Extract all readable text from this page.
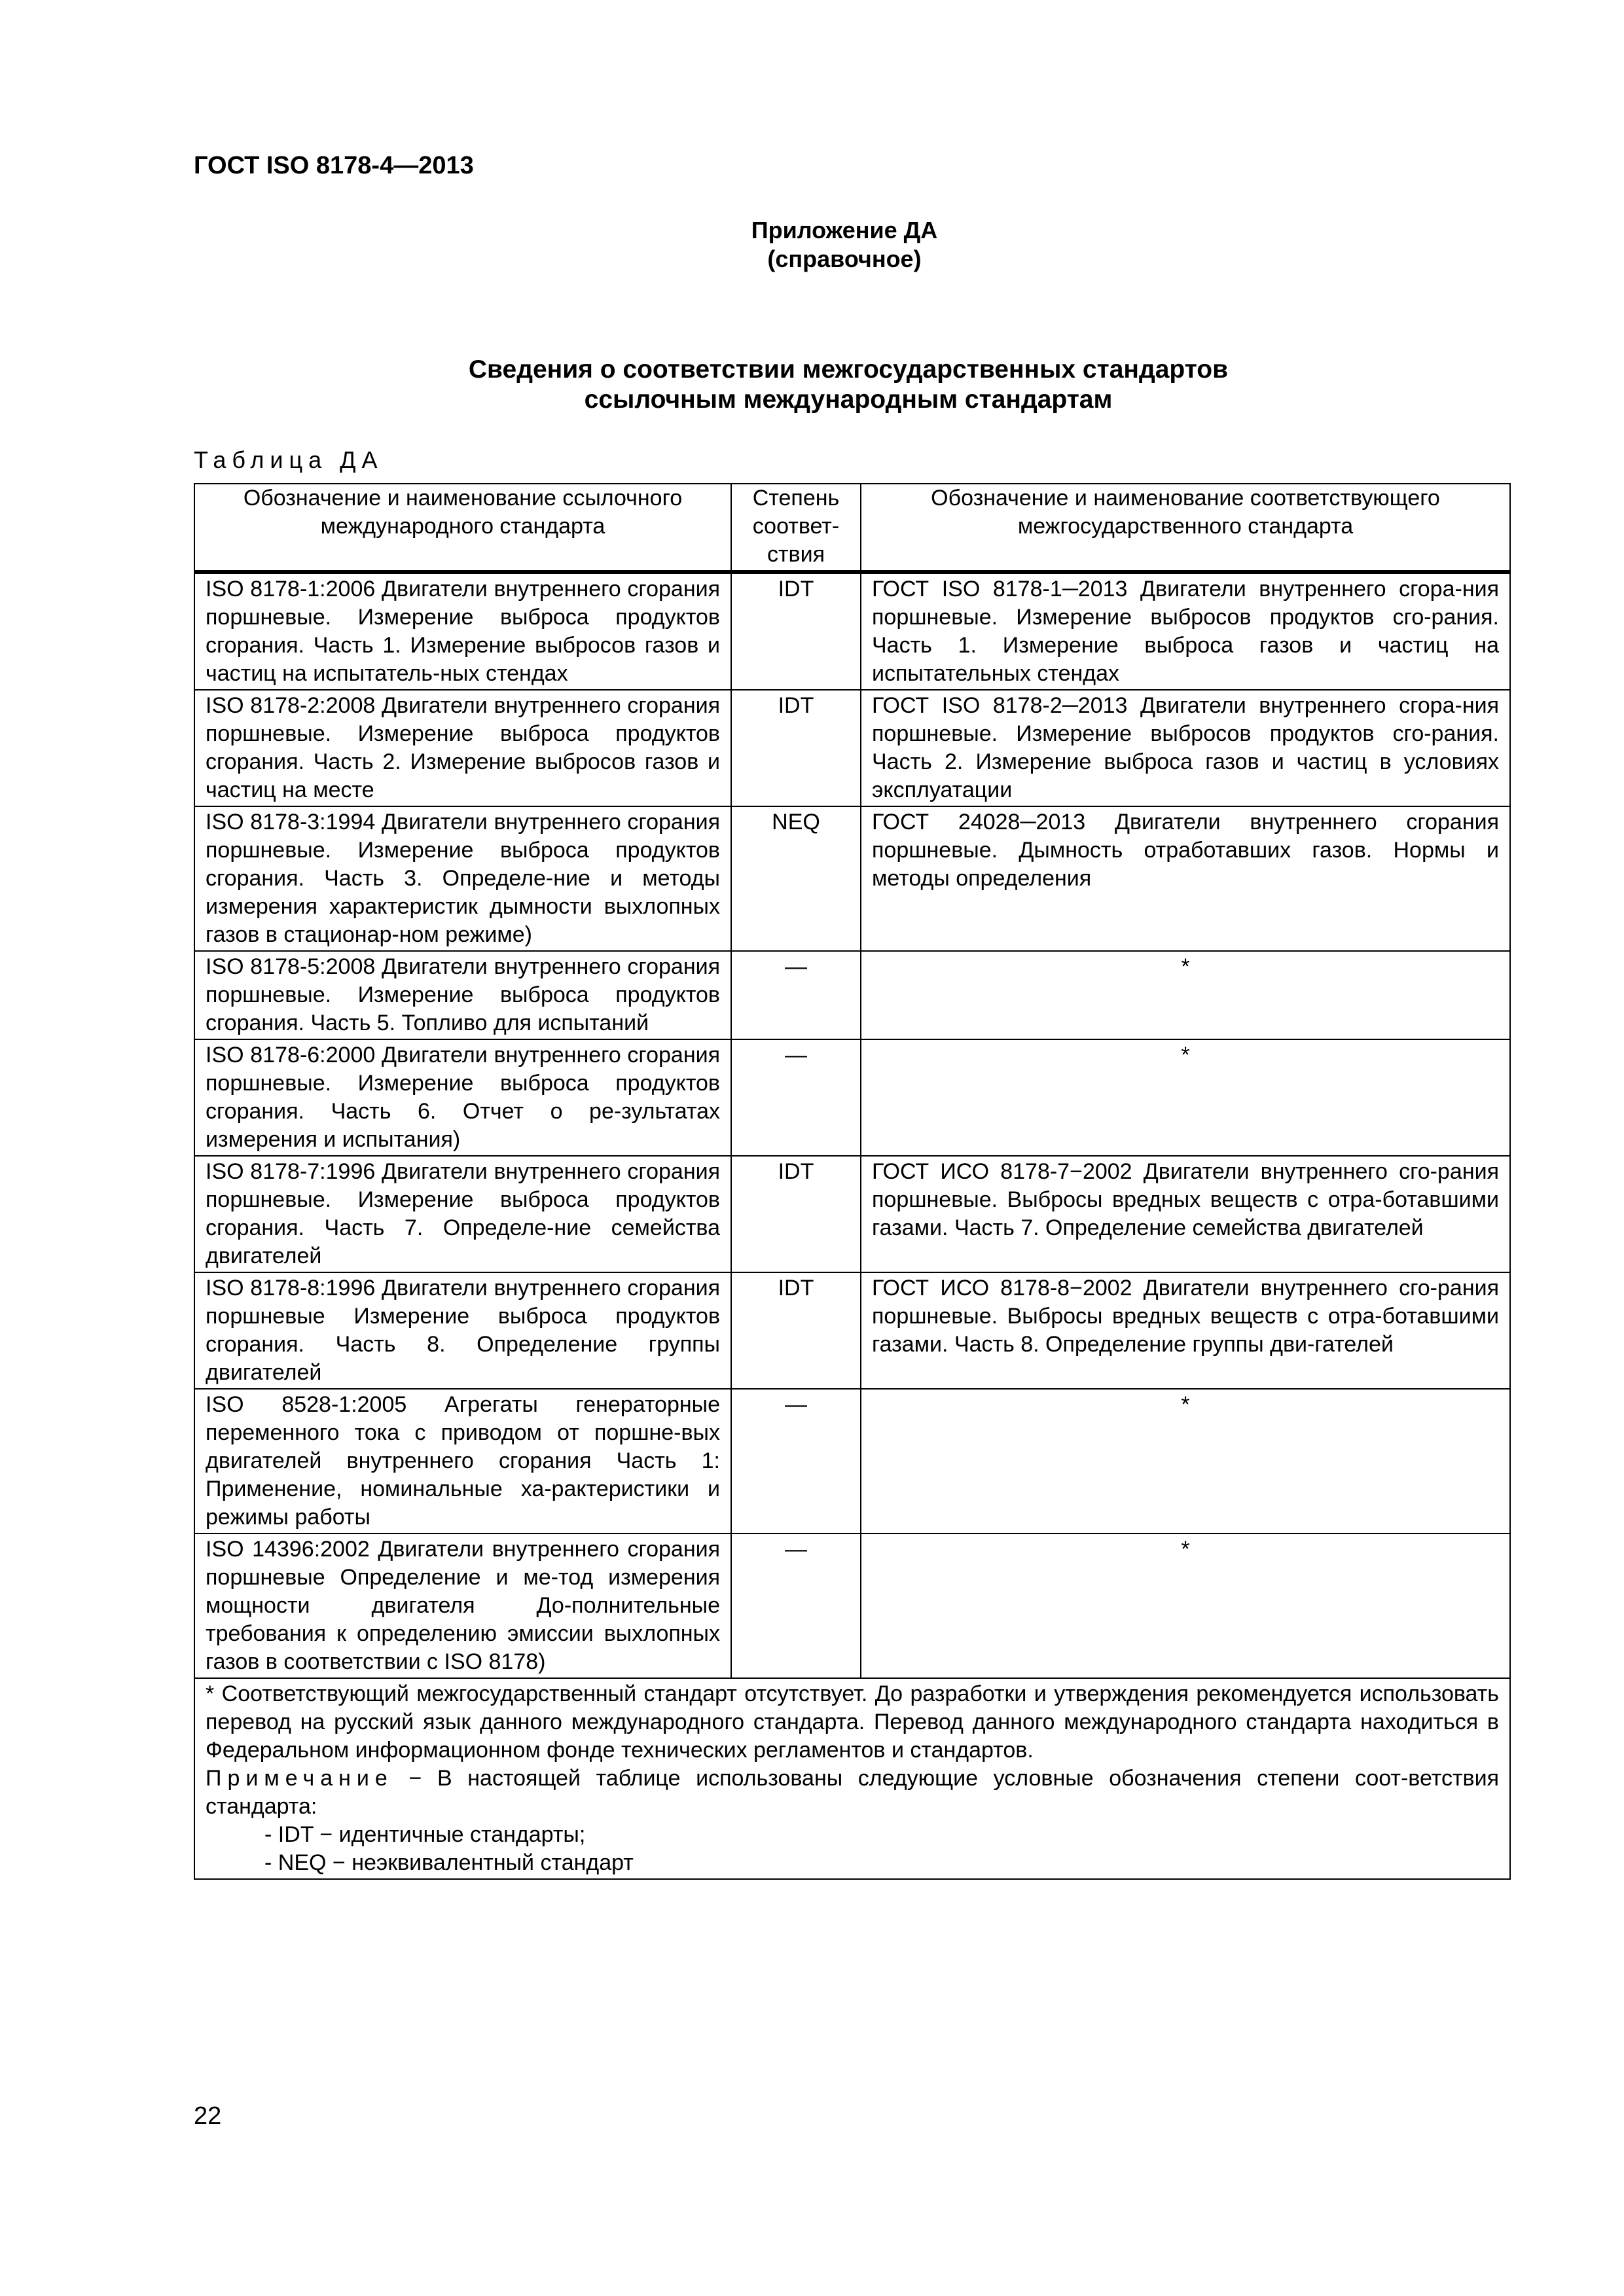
ГОСТ ISO 8178-4—2013
Приложение ДА
(справочное)
Сведения о соответствии межгосударственных стандартов
ссылочным международным стандартам
Таблица ДА
Обозначение и наименование ссылочного международного стандарта	Степень соответ-ствия	Обозначение и наименование соответствующего межгосударственного стандарта
ISO 8178-1:2006 Двигатели внутреннего сгорания поршневые. Измерение выброса продуктов сгорания. Часть 1. Измерение выбросов газов и частиц на испытатель-ных стендах	IDT	ГОСТ ISO 8178-1─2013 Двигатели внутреннего сгора-ния поршневые. Измерение выбросов продуктов сго-рания. Часть 1. Измерение выброса газов и частиц на испытательных стендах
ISO 8178-2:2008 Двигатели внутреннего сгорания поршневые. Измерение выброса продуктов сгорания. Часть 2. Измерение выбросов газов и частиц на месте	IDT	ГОСТ ISO 8178-2─2013 Двигатели внутреннего сгора-ния поршневые. Измерение выбросов продуктов сго-рания. Часть 2. Измерение выброса газов и частиц в условиях эксплуатации
ISO 8178-3:1994 Двигатели внутреннего сгорания поршневые. Измерение выброса продуктов сгорания. Часть 3. Определе-ние и методы измерения характеристик дымности выхлопных газов в стационар-ном режиме)	NEQ	ГОСТ 24028─2013 Двигатели внутреннего сгорания поршневые. Дымность отработавших газов. Нормы и методы определения
ISO 8178-5:2008 Двигатели внутреннего сгорания поршневые. Измерение выброса продуктов сгорания. Часть 5. Топливо для испытаний	—	*
ISO 8178-6:2000 Двигатели внутреннего сгорания поршневые. Измерение выброса продуктов сгорания. Часть 6. Отчет о ре-зультатах измерения и испытания)	—	*
ISO 8178-7:1996 Двигатели внутреннего сгорания поршневые. Измерение выброса продуктов сгорания. Часть 7. Определе-ние семейства двигателей	IDT	ГОСТ ИСО 8178-7−2002 Двигатели внутреннего сго-рания поршневые. Выбросы вредных веществ с отра-ботавшими газами. Часть 7. Определение семейства двигателей
ISO 8178-8:1996 Двигатели внутреннего сгорания поршневые Измерение выброса продуктов сгорания. Часть 8. Определение группы двигателей	IDT	ГОСТ ИСО 8178-8−2002 Двигатели внутреннего сго-рания поршневые. Выбросы вредных веществ с отра-ботавшими газами. Часть 8. Определение группы дви-гателей
ISO 8528-1:2005 Агрегаты генераторные переменного тока с приводом от поршне-вых двигателей внутреннего сгорания Часть 1: Применение, номинальные ха-рактеристики и режимы работы	—	*
ISO 14396:2002 Двигатели внутреннего сгорания поршневые Определение и ме-тод измерения мощности двигателя До-полнительные требования к определению эмиссии выхлопных газов в соответствии с ISO 8178)	—	*

* Соответствующий межгосударственный стандарт отсутствует. До разработки и утверждения рекомендуется использовать перевод на русский язык данного международного стандарта. Перевод данного международного стандарта находиться в Федеральном информационном фонде технических регламентов и стандартов.

Примечание − В настоящей таблице использованы следующие условные обозначения степени соот-ветствия стандарта:

- IDT − идентичные стандарты;

- NEQ − неэквивалентный стандарт		

22
